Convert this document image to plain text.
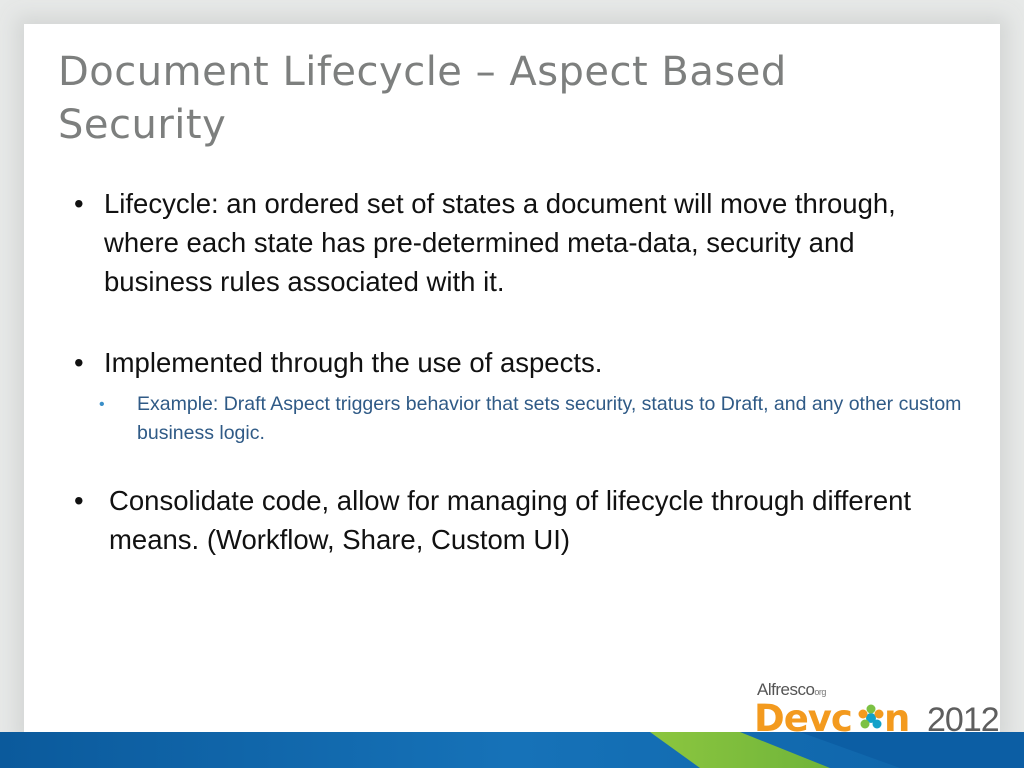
Document Lifecycle – Aspect Based Security
• Lifecycle: an ordered set of states a document will move through, where each state has pre-determined meta-data, security and business rules associated with it.
• Implemented through the use of aspects.
•	Example: Draft Aspect triggers behavior that sets security, status to Draft, and any other custom business logic.
• Consolidate code, allow for managing of lifecycle through different means. (Workflow, Share, Custom UI)
Alfrescoorg
Devc n 2012
